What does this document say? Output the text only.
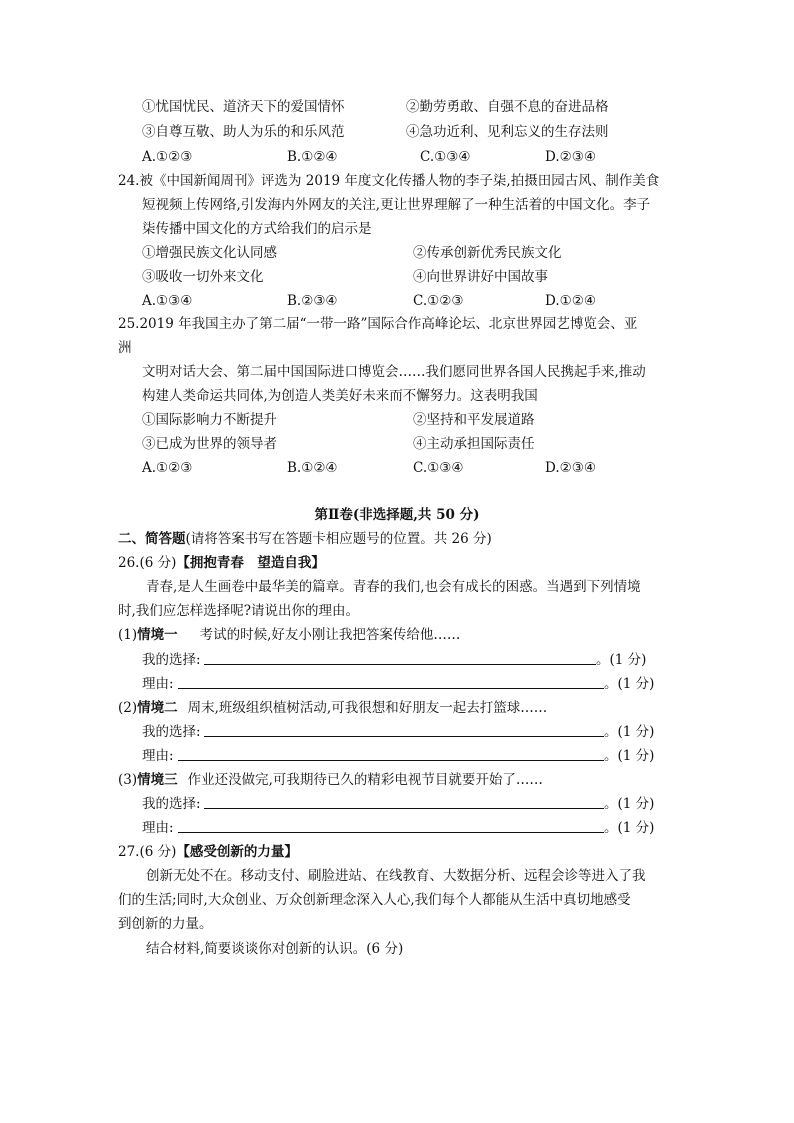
①忧国忧民、道济天下的爱国情怀	②勤劳勇敢、自强不息的奋进品格
③自尊互敬、助人为乐的和乐风范	④急功近利、见利忘义的生存法则
A.①②③	B.①②④	C.①③④	D.②③④
24.被《中国新闻周刊》评选为 2019 年度文化传播人物的李子柒,拍摄田园古风、制作美食
短视频上传网络,引发海内外网友的关注,更让世界理解了一种生活着的中国文化。李子
柒传播中国文化的方式给我们的启示是
①增强民族文化认同感	②传承创新优秀民族文化
③吸收一切外来文化	④向世界讲好中国故事
A.①③④	B.②③④	C.①②③	D.①②④
25.2019 年我国主办了第二届“一带一路”国际合作高峰论坛、北京世界园艺博览会、亚
洲
文明对话大会、第二届中国国际进口博览会……我们愿同世界各国人民携起手来,推动
构建人类命运共同体,为创造人类美好未来而不懈努力。这表明我国
①国际影响力不断提升	②坚持和平发展道路
③已成为世界的领导者	④主动承担国际责任
A.①②③	B.①②④	C.①③④	D.②③④
第Ⅱ卷(非选择题,共 50 分)
二、简答题(请将答案书写在答题卡相应题号的位置。共 26 分)
26.(6 分)【拥抱青春　望造自我】
青春,是人生画卷中最华美的篇章。青春的我们,也会有成长的困惑。当遇到下列情境
时,我们应怎样选择呢?请说出你的理由。
(1)情境一 考试的时候,好友小刚让我把答案传给他……
我的选择:	。(1 分)
理由:	。(1 分)
(2)情境二 周末,班级组织植树活动,可我很想和好朋友一起去打篮球……
我的选择:	。(1 分)
理由:	。(1 分)
(3)情境三 作业还没做完,可我期待已久的精彩电视节目就要开始了……
我的选择:	。(1 分)
理由:	。(1 分)
27.(6 分)【感受创新的力量】
创新无处不在。移动支付、刷脸进站、在线教育、大数据分析、远程会诊等进入了我
们的生活;同时,大众创业、万众创新理念深入人心,我们每个人都能从生活中真切地感受
到创新的力量。
结合材料,简要谈谈你对创新的认识。(6 分)
